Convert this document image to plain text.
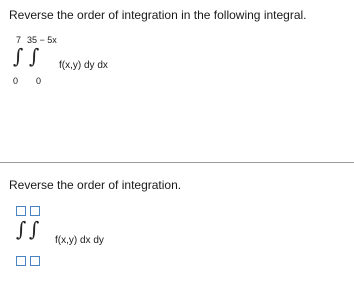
Reverse the order of integration in the following integral.
7 35 − 5x
∫ ∫ f(x,y) dy dx
0 0
Reverse the order of integration.
∫ ∫ f(x,y) dx dy
